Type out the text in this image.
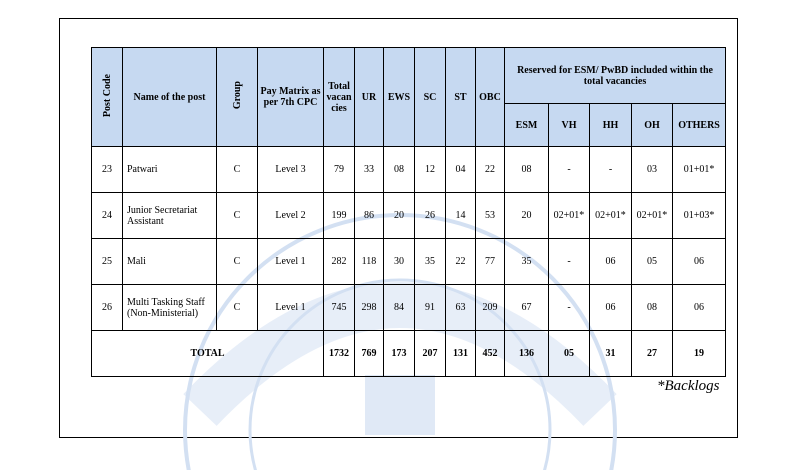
Post Code	Name of the post	Group	Pay Matrix as per 7th CPC	Total vacan cies	UR	EWS	SC	ST	OBC	Reserved for ESM/ PwBD included within the total vacancies				
										ESM	VH	HH	OH	OTHERS
23	Patwari	C	Level 3	79	33	08	12	04	22	08	-	-	03	01+01*
24	Junior Secretariat Assistant	C	Level 2	199	86	20	26	14	53	20	02+01*	02+01*	02+01*	01+03*
25	Mali	C	Level 1	282	118	30	35	22	77	35	-	06	05	06
26	Multi Tasking Staff (Non-Ministerial)	C	Level 1	745	298	84	91	63	209	67	-	06	08	06
TOTAL				1732	769	173	207	131	452	136	05	31	27	19
*Backlogs
